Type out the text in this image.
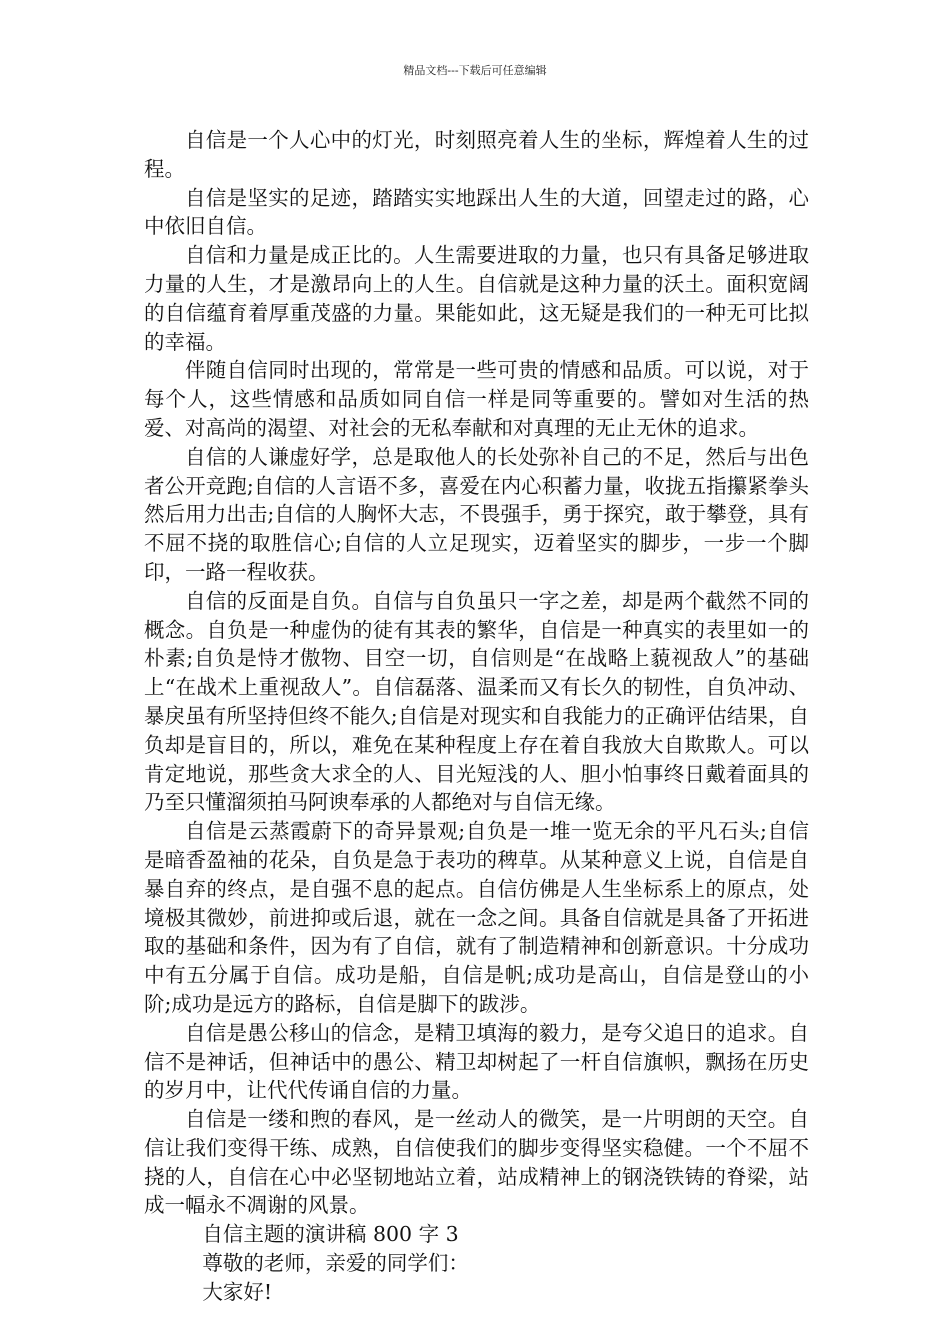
精品文档---下载后可任意编辑

自信是一个人心中的灯光，时刻照亮着人生的坐标，辉煌着人生的过程。

自信是坚实的足迹，踏踏实实地踩出人生的大道，回望走过的路，心中依旧自信。

自信和力量是成正比的。人生需要进取的力量，也只有具备足够进取力量的人生，才是激昂向上的人生。自信就是这种力量的沃土。面积宽阔的自信蕴育着厚重茂盛的力量。果能如此，这无疑是我们的一种无可比拟的幸福。

伴随自信同时出现的，常常是一些可贵的情感和品质。可以说，对于每个人，这些情感和品质如同自信一样是同等重要的。譬如对生活的热爱、对高尚的渴望、对社会的无私奉献和对真理的无止无休的追求。

自信的人谦虚好学，总是取他人的长处弥补自己的不足，然后与出色者公开竞跑;自信的人言语不多，喜爱在内心积蓄力量，收拢五指攥紧拳头然后用力出击;自信的人胸怀大志，不畏强手，勇于探究，敢于攀登，具有不屈不挠的取胜信心;自信的人立足现实，迈着坚实的脚步，一步一个脚印，一路一程收获。

自信的反面是自负。自信与自负虽只一字之差，却是两个截然不同的概念。自负是一种虚伪的徒有其表的繁华，自信是一种真实的表里如一的朴素;自负是恃才傲物、目空一切，自信则是“在战略上藐视敌人”的基础上“在战术上重视敌人”。自信磊落、温柔而又有长久的韧性，自负冲动、暴戾虽有所坚持但终不能久;自信是对现实和自我能力的正确评估结果，自负却是盲目的，所以，难免在某种程度上存在着自我放大自欺欺人。可以肯定地说，那些贪大求全的人、目光短浅的人、胆小怕事终日戴着面具的乃至只懂溜须拍马阿谀奉承的人都绝对与自信无缘。

自信是云蒸霞蔚下的奇异景观;自负是一堆一览无余的平凡石头;自信是暗香盈袖的花朵，自负是急于表功的稗草。从某种意义上说，自信是自暴自弃的终点，是自强不息的起点。自信仿佛是人生坐标系上的原点，处境极其微妙，前进抑或后退，就在一念之间。具备自信就是具备了开拓进取的基础和条件，因为有了自信，就有了制造精神和创新意识。十分成功中有五分属于自信。成功是船，自信是帆;成功是高山，自信是登山的小阶;成功是远方的路标，自信是脚下的跋涉。

自信是愚公移山的信念，是精卫填海的毅力，是夸父追日的追求。自信不是神话，但神话中的愚公、精卫却树起了一杆自信旗帜，飘扬在历史的岁月中，让代代传诵自信的力量。

自信是一缕和煦的春风，是一丝动人的微笑，是一片明朗的天空。自信让我们变得干练、成熟，自信使我们的脚步变得坚实稳健。一个不屈不挠的人，自信在心中必坚韧地站立着，站成精神上的钢浇铁铸的脊梁，站成一幅永不凋谢的风景。

自信主题的演讲稿 800 字 3

尊敬的老师，亲爱的同学们：

大家好!
